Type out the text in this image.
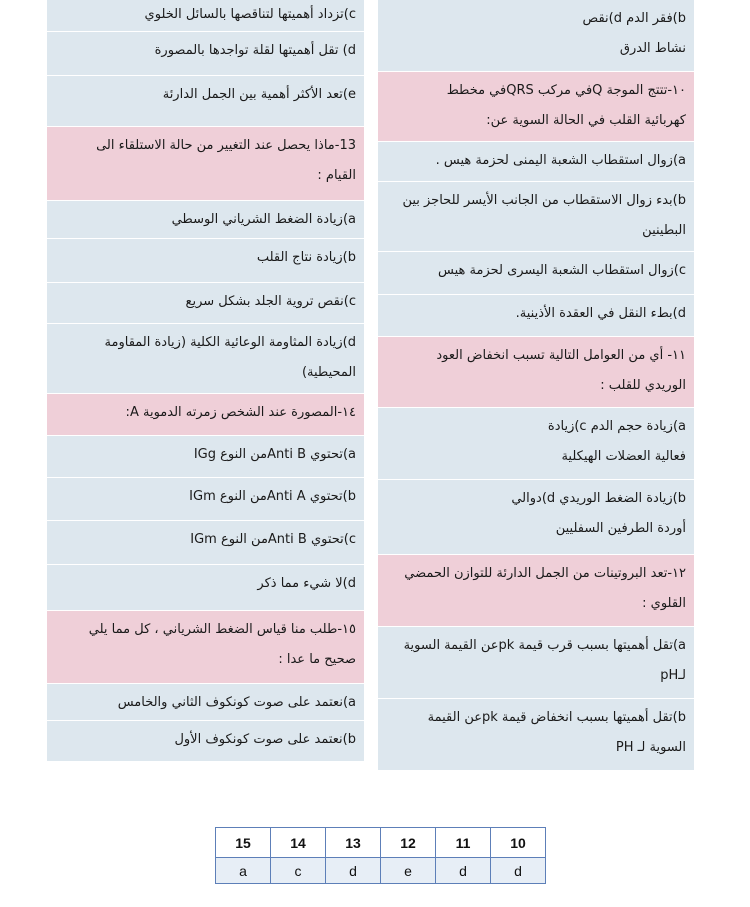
b)فقر الدم d)نقص
نشاط الدرق
١٠-تتتج الموجة Qفي مركب QRSفي مخطط
كهربائية القلب في الحالة السوية عن:
a)زوال استقطاب الشعبة اليمنى لحزمة هيس .
b)بدء زوال الاستقطاب من الجانب الأيسر للحاجز بين
البطينين
c)زوال استقطاب الشعبة اليسرى لحزمة هيس
d)بطء النقل في العقدة الأذينية.
١١- أي من العوامل التالية تسبب انخفاض العود
الوريدي للقلب :
a)زيادة حجم الدم c)زيادة
فعالية العضلات الهيكلية
b)زيادة الضغط الوريدي d)دوالي
أوردة الطرفين السفليين
١٢-تعد البروتينات من الجمل الدارئة للتوازن الحمضي
القلوي :
a)تقل أهميتها بسبب قرب قيمة pkعن القيمة السوية
لـpH
b)تقل أهميتها بسبب انخفاض قيمة pkعن القيمة
السوية لـ PH
c)تزداد أهميتها لتناقصها بالسائل الخلوي
d) تقل أهميتها لقلة تواجدها بالمصورة
e)تعد الأكثر أهمية بين الجمل الدارئة
13-ماذا يحصل عند التغيير من حالة الاستلقاء الى
القيام :
a)زيادة الضغط الشرياني الوسطي
b)زيادة نتاج القلب
c)نقص تروية الجلد بشكل سريع
d)زيادة المثاومة الوعائية الكلية (زيادة المقاومة
المحيطية)
١٤-المصورة عند الشخص زمرته الدموية A:
a)تحتوي Anti Bمن النوع IGg
b)تحتوي Anti Aمن النوع IGm
c)تحتوي Anti Bمن النوع IGm
d)لا شيء مما ذكر
١٥-طلب منا قياس الضغط الشرياني ، كل مما يلي
صحيح ما عدا :
a)نعتمد على صوت كونكوف الثاني والخامس
b)نعتمد على صوت كونكوف الأول
15	14	13	12	11	10
a	c	d	e	d	d
